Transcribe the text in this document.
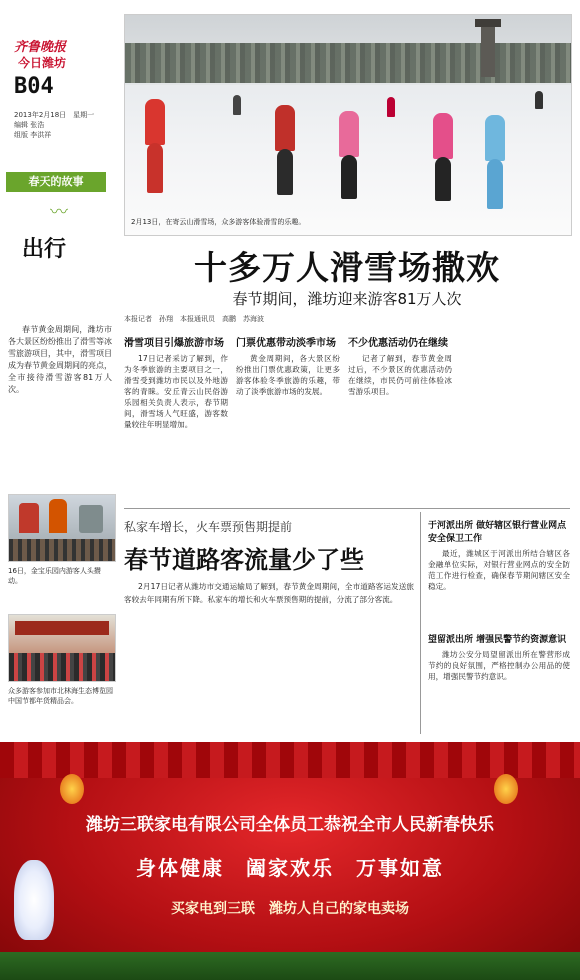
齐鲁晚报
今日潍坊
B04
2013年2月18日　星期一
编辑 张浩
组版 李洪祥
春天的故事
〰
出行
春节黄金周期间，潍坊市各大景区纷纷推出了滑雪等冰雪旅游项目，其中，滑雪项目成为春节黄金周期间的亮点，全市接待滑雪游客81万人次。
16日，金宝乐园内游客人头攒动。
众多游客参加市北林海生态博览园中国节都年货精品会。
2月13日，在寄云山滑雪场，众多游客体验滑雪的乐趣。
十多万人滑雪场撒欢
春节期间，潍坊迎来游客81万人次
本报记者　孙翔　本报通讯员　高鹏　苏海波
滑雪项目引爆旅游市场
17日记者采访了解到，作为冬季旅游的主要项目之一，滑雪受到潍坊市民以及外地游客的青睐。安丘青云山民俗游乐园相关负责人表示，春节期间，滑雪场人气旺盛，游客数量较往年明显增加。
门票优惠带动淡季市场
黄金周期间，各大景区纷纷推出门票优惠政策，让更多游客体验冬季旅游的乐趣，带动了淡季旅游市场的发展。
不少优惠活动仍在继续
记者了解到，春节黄金周过后，不少景区的优惠活动仍在继续，市民仍可前往体验冰雪游乐项目。
私家车增长，火车票预售期提前
春节道路客流量少了些
2月17日记者从潍坊市交通运输局了解到，春节黄金周期间，全市道路客运发送旅客较去年同期有所下降。私家车的增长和火车票预售期的提前，分流了部分客流。
于河派出所 做好辖区银行营业网点安全保卫工作
最近，潍城区于河派出所结合辖区各金融单位实际，对银行营业网点的安全防范工作进行检查，确保春节期间辖区安全稳定。
望留派出所 增强民警节约资源意识
潍坊公安分局望留派出所在警营形成节约的良好氛围，严格控制办公用品的使用，增强民警节约意识。
潍坊三联家电有限公司全体员工恭祝全市人民新春快乐
身体健康　阖家欢乐　万事如意
买家电到三联　潍坊人自己的家电卖场
